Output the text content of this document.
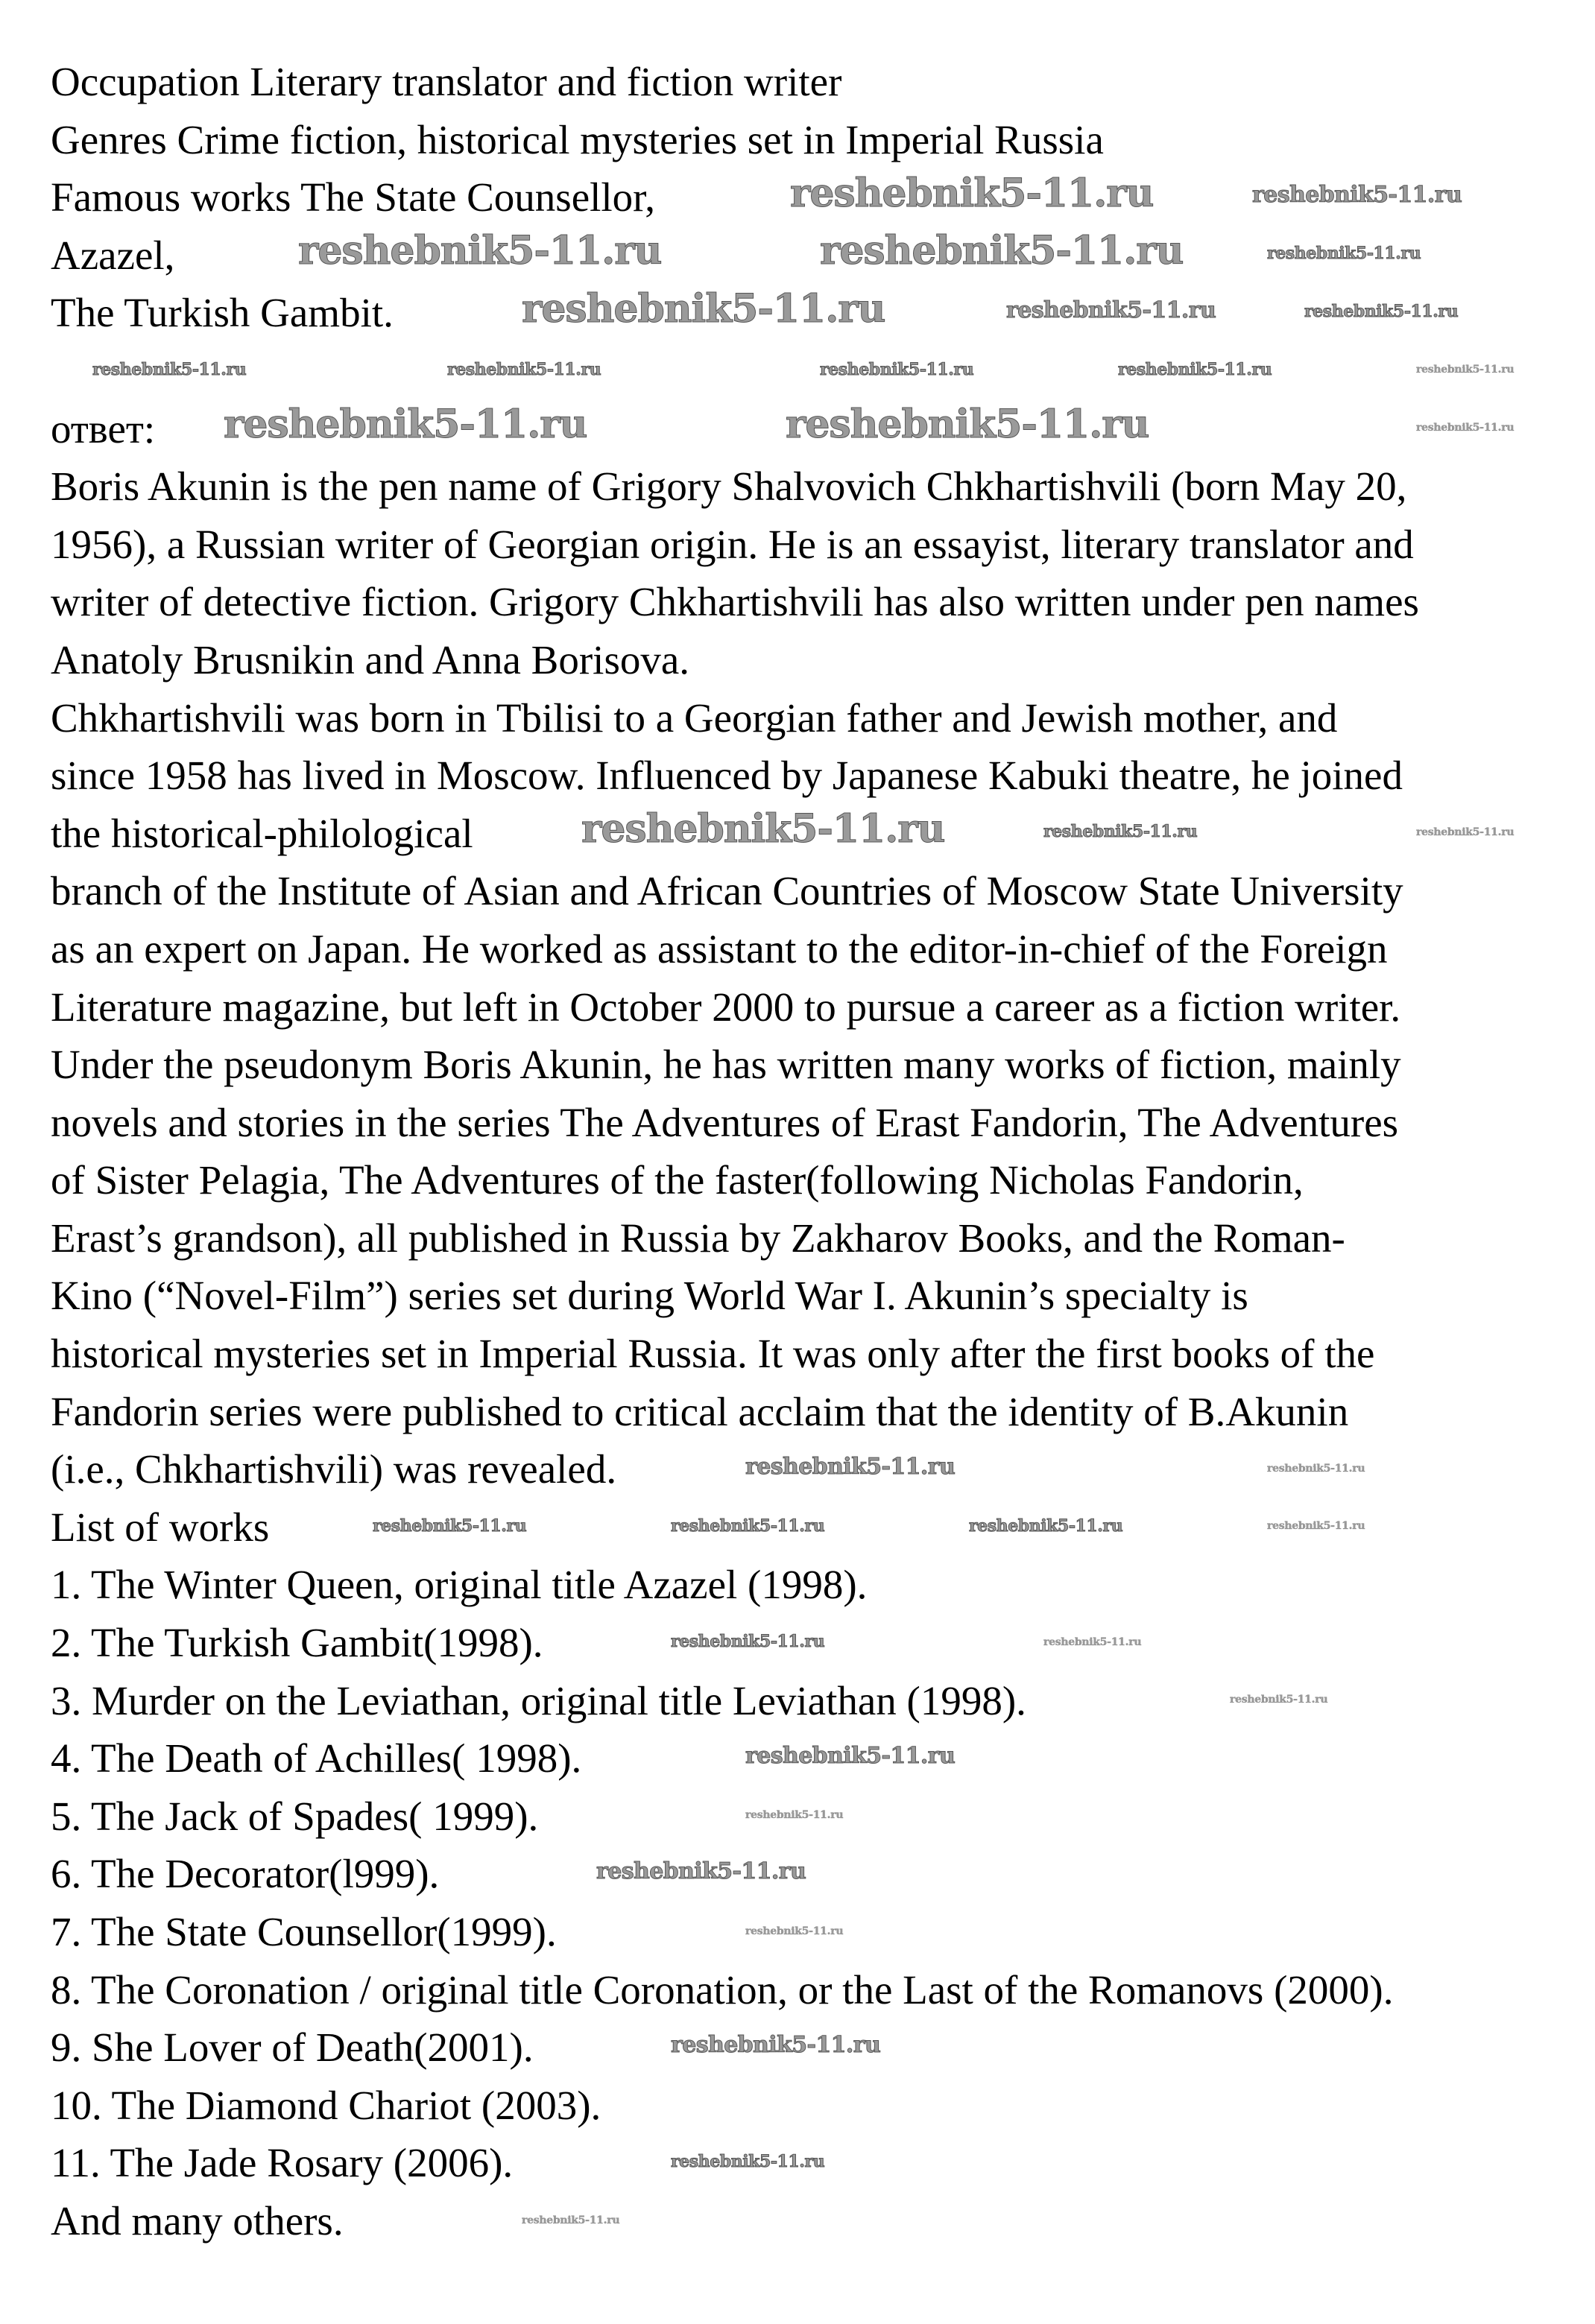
Occupation Literary translator and fiction writer
Genres Crime fiction, historical mysteries set in Imperial Russia
Famous works The State Counsellor,
Azazel,
The Turkish Gambit.
ответ:
Boris Akunin is the pen name of Grigory Shalvovich Chkhartishvili (born May 20,
1956), a Russian writer of Georgian origin. He is an essayist, literary translator and
writer of detective fiction. Grigory Chkhartishvili has also written under pen names
Anatoly Brusnikin and Anna Borisova.
Chkhartishvili was born in Tbilisi to a Georgian father and Jewish mother, and
since 1958 has lived in Moscow. Influenced by Japanese Kabuki theatre, he joined
the historical-philological
branch of the Institute of Asian and African Countries of Moscow State University
as an expert on Japan. He worked as assistant to the editor-in-chief of the Foreign
Literature magazine, but left in October 2000 to pursue a career as a fiction writer.
Under the pseudonym Boris Akunin, he has written many works of fiction, mainly
novels and stories in the series The Adventures of Erast Fandorin, The Adventures
of Sister Pelagia, The Adventures of the faster(following Nicholas Fandorin,
Erast’s grandson), all published in Russia by Zakharov Books, and the Roman-
Kino (“Novel-Film”) series set during World War I. Akunin’s specialty is
historical mysteries set in Imperial Russia. It was only after the first books of the
Fandorin series were published to critical acclaim that the identity of B.Akunin
(i.e., Chkhartishvili) was revealed.
List of works
1. The Winter Queen, original title Azazel (1998).
2. The Turkish Gambit(1998).
3. Murder on the Leviathan, original title Leviathan (1998).
4. The Death of Achilles( 1998).
5. The Jack of Spades( 1999).
6. The Decorator(l999).
7. The State Counsellor(1999).
8. The Coronation / original title Coronation, or the Last of the Romanovs (2000).
9. She Lover of Death(2001).
10. The Diamond Chariot (2003).
11. The Jade Rosary (2006).
And many others.
reshebnik5-11.ru
reshebnik5-11.ru	reshebnik5-11.ru
reshebnik5-11.ru
reshebnik5-11.ru	reshebnik5-11.ru
reshebnik5-11.ru
reshebnik5-11.ru
reshebnik5-11.ru
reshebnik5-11.ru
reshebnik5-11.ru
reshebnik5-11.ru
reshebnik5-11.ru
reshebnik5-11.ru
reshebnik5-11.ru
reshebnik5-11.ru	reshebnik5-11.ru	reshebnik5-11.ru	reshebnik5-11.ru
reshebnik5-11.ru
reshebnik5-11.ru	reshebnik5-11.ru	reshebnik5-11.ru
reshebnik5-11.ru
reshebnik5-11.ru
reshebnik5-11.ru
reshebnik5-11.ru
reshebnik5-11.ru
reshebnik5-11.ru
reshebnik5-11.ru
reshebnik5-11.ru
reshebnik5-11.ru
reshebnik5-11.ru
reshebnik5-11.ru
reshebnik5-11.ru
